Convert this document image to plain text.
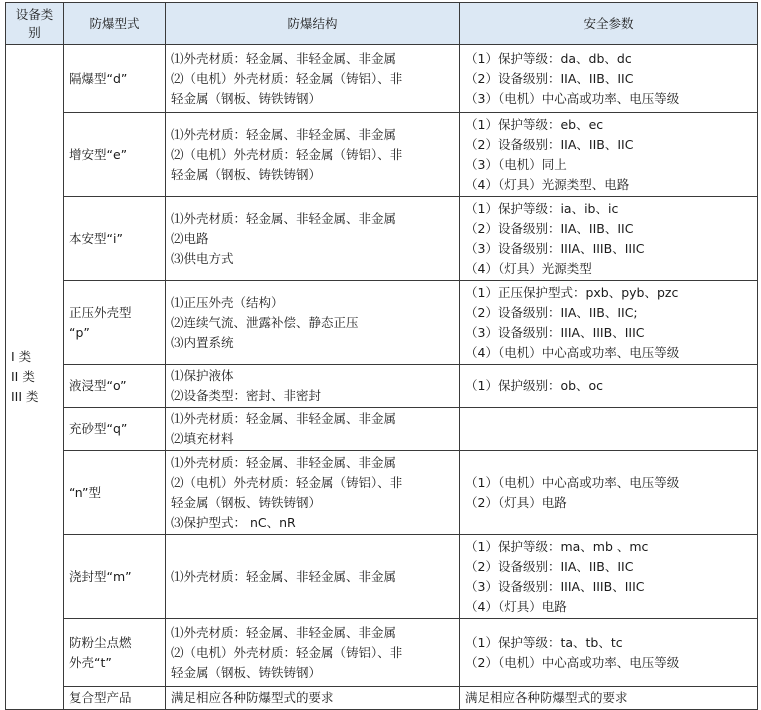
设备类别	防爆型式	防爆结构	安全参数

I 类
II 类
III 类	隔爆型“d”	⑴外壳材质：轻金属、非轻金属、非金属
⑵（电机）外壳材质：轻金属（铸铝）、非
轻金属（钢板、铸铁铸钢）	（1）保护等级：da、db、dc
（2）设备级别：IIA、IIB、IIC
（3）（电机）中心高或功率、电压等级

	增安型“e”	⑴外壳材质：轻金属、非轻金属、非金属
⑵（电机）外壳材质：轻金属（铸铝）、非
轻金属（钢板、铸铁铸钢）	（1）保护等级：eb、ec
（2）设备级别：IIA、IIB、IIC
（3）（电机）同上
（4）（灯具）光源类型、电路

	本安型“i”	⑴外壳材质：轻金属、非轻金属、非金属
⑵电路
⑶供电方式	（1）保护等级：ia、ib、ic
（2）设备级别：IIA、IIB、IIC
（3）设备级别：IIIA、IIIB、IIIC
（4）（灯具）光源类型

	正压外壳型
“p”	⑴正压外壳（结构）
⑵连续气流、泄露补偿、静态正压
⑶内置系统	（1）正压保护型式：pxb、pyb、pzc
（2）设备级别：IIA、IIB、IIC;
（3）设备级别：IIIA、IIIB、IIIC
（4）（电机）中心高或功率、电压等级

	液浸型“o”	⑴保护液体
⑵设备类型：密封、非密封	（1）保护级别：ob、oc

	充砂型“q”	⑴外壳材质：轻金属、非轻金属、非金属
⑵填充材料	

	“n”型	⑴外壳材质：轻金属、非轻金属、非金属
⑵（电机）外壳材质：轻金属（铸铝）、非
轻金属（钢板、铸铁铸钢）
⑶保护型式： nC、nR	（1）（电机）中心高或功率、电压等级
（2）（灯具）电路

	浇封型“m”	⑴外壳材质：轻金属、非轻金属、非金属	（1）保护等级：ma、mb 、mc
（2）设备级别：IIA、IIB、IIC
（3）设备级别：IIIA、IIIB、IIIC
（4）（灯具）电路

	防粉尘点燃
外壳“t”	⑴外壳材质：轻金属、非轻金属、非金属
⑵（电机）外壳材质：轻金属（铸铝）、非
轻金属（钢板、铸铁铸钢）	（1）保护等级：ta、tb、tc
（2）（电机）中心高或功率、电压等级

	复合型产品	满足相应各种防爆型式的要求	满足相应各种防爆型式的要求
